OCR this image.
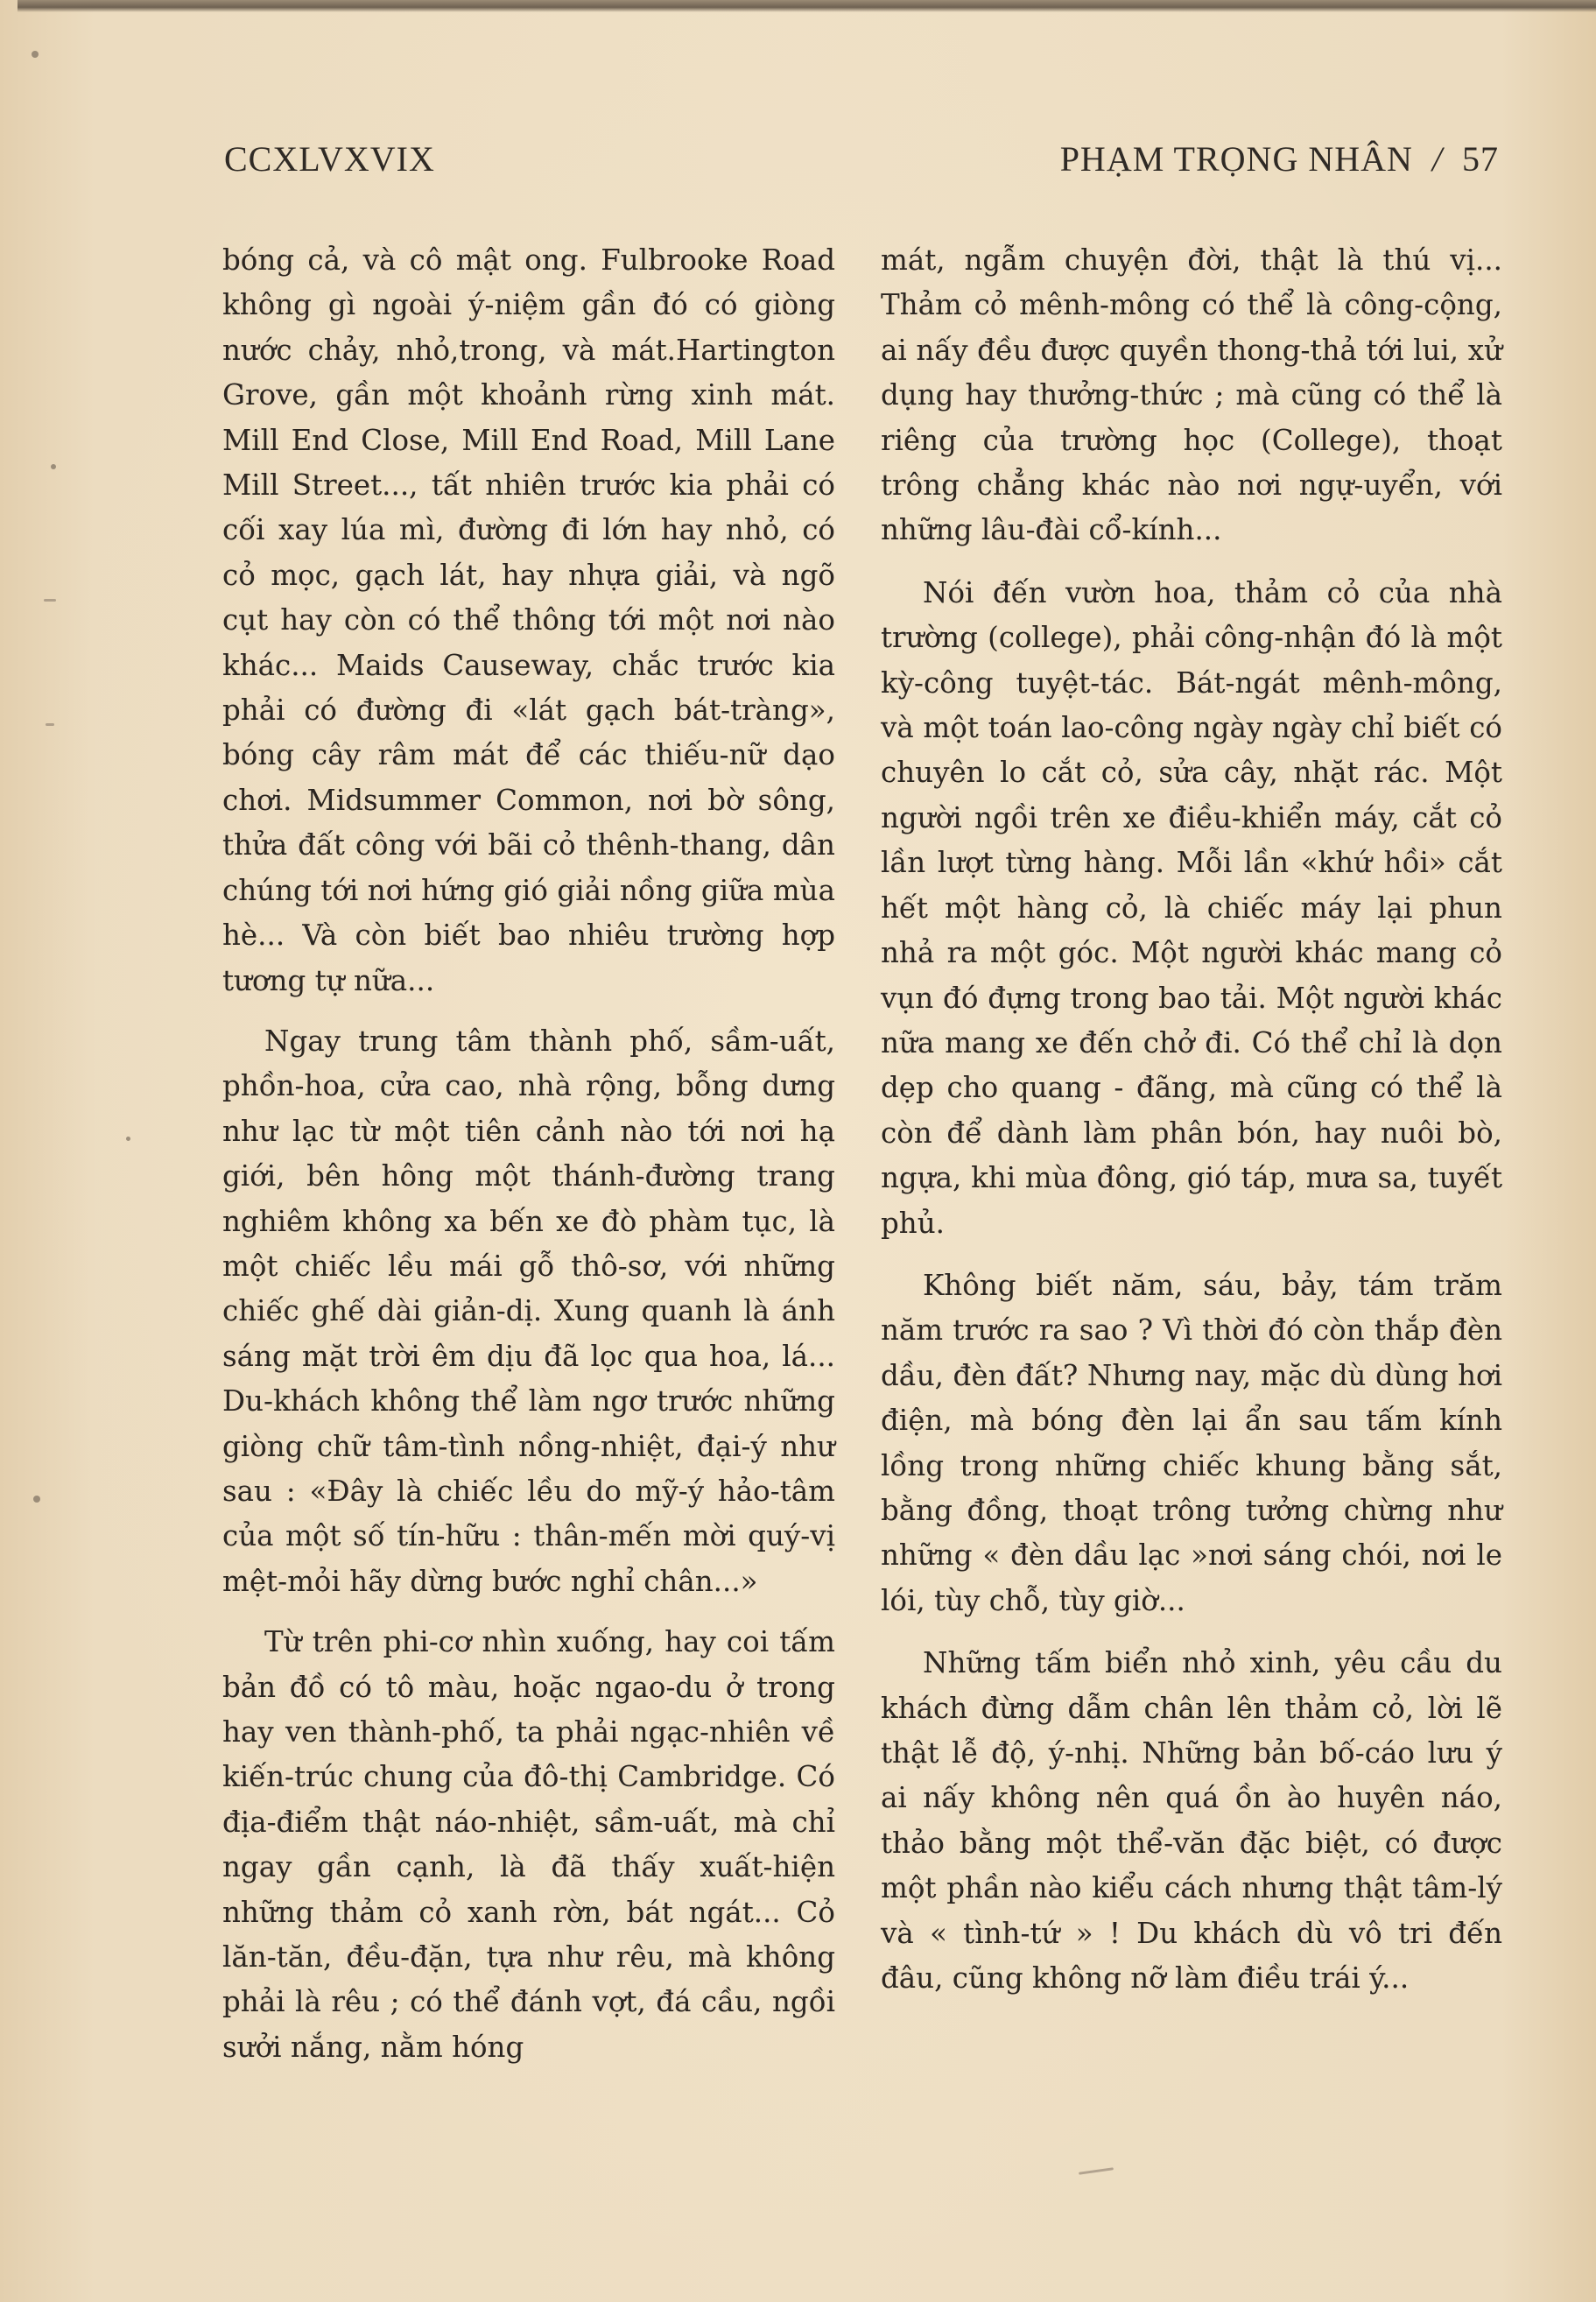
CCXLVXVIX	PHẠM TRỌNG NHÂN / 57

bóng cả, và cô mật ong. Fulbrooke Road không gì ngoài ý-niệm gần đó có giòng nước chảy, nhỏ,trong, và mát.Hartington Grove, gần một khoảnh rừng xinh mát. Mill End Close, Mill End Road, Mill Lane Mill Street..., tất nhiên trước kia phải có cối xay lúa mì, đường đi lớn hay nhỏ, có cỏ mọc, gạch lát, hay nhựa giải, và ngõ cụt hay còn có thể thông tới một nơi nào khác... Maids Causeway, chắc trước kia phải có đường đi «lát gạch bát-tràng», bóng cây râm mát để các thiếu-nữ dạo chơi. Midsummer Common, nơi bờ sông, thửa đất công với bãi cỏ thênh-thang, dân chúng tới nơi hứng gió giải nồng giữa mùa hè... Và còn biết bao nhiêu trường hợp tương tự nữa...

Ngay trung tâm thành phố, sầm-uất, phồn-hoa, cửa cao, nhà rộng, bỗng dưng như lạc từ một tiên cảnh nào tới nơi hạ giới, bên hông một thánh-đường trang nghiêm không xa bến xe đò phàm tục, là một chiếc lều mái gỗ thô-sơ, với những chiếc ghế dài giản-dị. Xung quanh là ánh sáng mặt trời êm dịu đã lọc qua hoa, lá... Du-khách không thể làm ngơ trước những giòng chữ tâm-tình nồng-nhiệt, đại-ý như sau : «Đây là chiếc lều do mỹ-ý hảo-tâm của một số tín-hữu : thân-mến mời quý-vị mệt-mỏi hãy dừng bước nghỉ chân...»

Từ trên phi-cơ nhìn xuống, hay coi tấm bản đồ có tô màu, hoặc ngao-du ở trong hay ven thành-phố, ta phải ngạc-nhiên về kiến-trúc chung của đô-thị Cambridge. Có địa-điểm thật náo-nhiệt, sầm-uất, mà chỉ ngay gần cạnh, là đã thấy xuất-hiện những thảm cỏ xanh rờn, bát ngát... Cỏ lăn-tăn, đều-đặn, tựa như rêu, mà không phải là rêu ; có thể đánh vợt, đá cầu, ngồi sưởi nắng, nằm hóng

mát, ngẫm chuyện đời, thật là thú vị... Thảm cỏ mênh-mông có thể là công-cộng, ai nấy đều được quyền thong-thả tới lui, xử dụng hay thưởng-thức ; mà cũng có thể là riêng của trường học (College), thoạt trông chẳng khác nào nơi ngự-uyển, với những lâu-đài cổ-kính...

Nói đến vườn hoa, thảm cỏ của nhà trường (college), phải công-nhận đó là một kỳ-công tuyệt-tác. Bát-ngát mênh-mông, và một toán lao-công ngày ngày chỉ biết có chuyên lo cắt cỏ, sửa cây, nhặt rác. Một người ngồi trên xe điều-khiển máy, cắt cỏ lần lượt từng hàng. Mỗi lần «khứ hồi» cắt hết một hàng cỏ, là chiếc máy lại phun nhả ra một góc. Một người khác mang cỏ vụn đó đựng trong bao tải. Một người khác nữa mang xe đến chở đi. Có thể chỉ là dọn dẹp cho quang - đãng, mà cũng có thể là còn để dành làm phân bón, hay nuôi bò, ngựa, khi mùa đông, gió táp, mưa sa, tuyết phủ.

Không biết năm, sáu, bảy, tám trăm năm trước ra sao ? Vì thời đó còn thắp đèn dầu, đèn đất? Nhưng nay, mặc dù dùng hơi điện, mà bóng đèn lại ẩn sau tấm kính lồng trong những chiếc khung bằng sắt, bằng đồng, thoạt trông tưởng chừng như những « đèn dầu lạc »nơi sáng chói, nơi le lói, tùy chỗ, tùy giờ...

Những tấm biển nhỏ xinh, yêu cầu du khách đừng dẫm chân lên thảm cỏ, lời lẽ thật lễ độ, ý-nhị. Những bản bố-cáo lưu ý ai nấy không nên quá ồn ào huyên náo, thảo bằng một thể-văn đặc biệt, có được một phần nào kiểu cách nhưng thật tâm-lý và « tình-tứ » ! Du khách dù vô tri đến đâu, cũng không nỡ làm điều trái ý...
